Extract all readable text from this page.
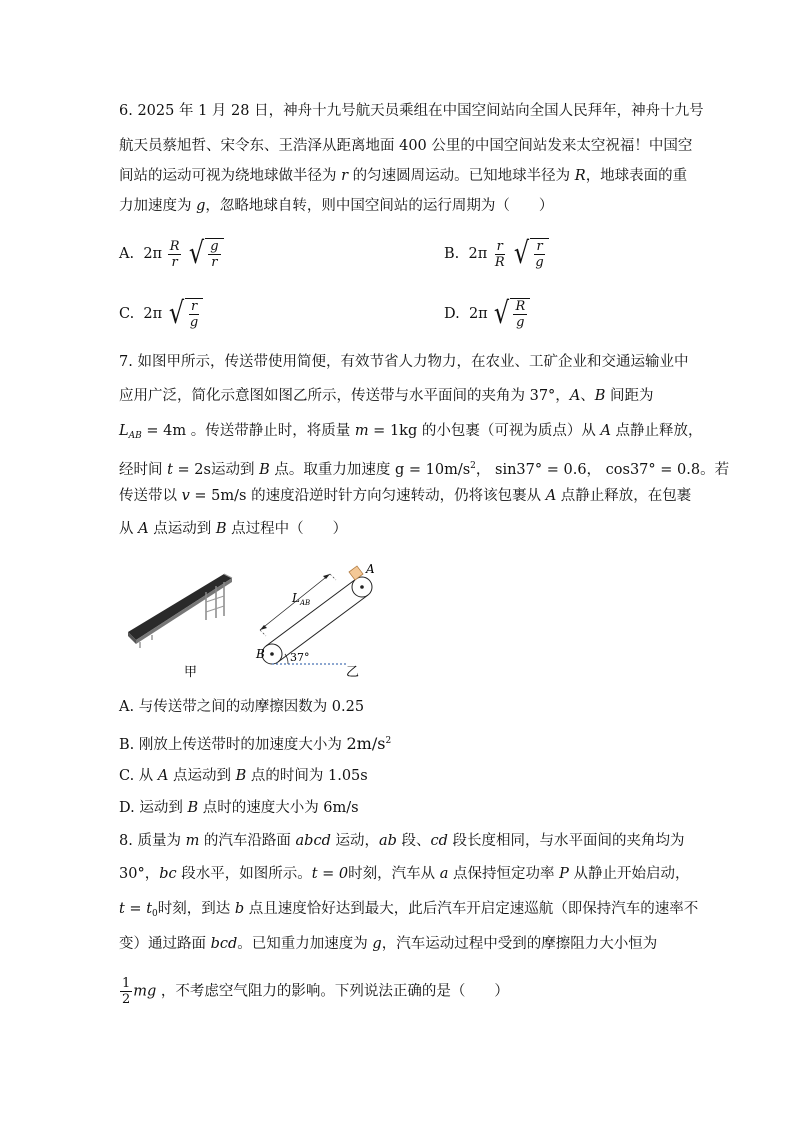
6. 2025 年 1 月 28 日，神舟十九号航天员乘组在中国空间站向全国人民拜年，神舟十九号
航天员蔡旭哲、宋令东、王浩泽从距离地面 400 公里的中国空间站发来太空祝福！中国空
间站的运动可视为绕地球做半径为 r 的匀速圆周运动。已知地球半径为 R，地球表面的重
力加速度为 g，忽略地球自转，则中国空间站的运行周期为（　　）
A. $2\pi \frac{R}{r}$
√ $\frac{g}{r}$	B. $2\pi \frac{r}{R}$
√ $\frac{r}{g}$
C. 2π √ $\frac{r}{g}$	D. 2π √ $\frac{R}{g}$
7. 如图甲所示，传送带使用简便，有效节省人力物力，在农业、工矿企业和交通运输业中
应用广泛，简化示意图如图乙所示，传送带与水平面间的夹角为 37°，A、B 间距为
$L_{AB} = 4m$ 。传送带静止时，将质量 m = 1kg 的小包裹（可视为质点）从 A 点静止释放，
经时间 t = 2s运动到 B 点。取重力加速度 $g = 10m/s^2$， sin37° = 0.6， cos37° = 0.8。若
传送带以 v = 5m/s 的速度沿逆时针方向匀速转动，仍将该包裹从 A 点静止释放，在包裹
从 A 点运动到 B 点过程中（　　）
甲
A
B
$L_{AB}$
37°
乙
A. 与传送带之间的动摩擦因数为 0.25
B. 刚放上传送带时的加速度大小为 $2m/s^2$
C. 从 A 点运动到 B 点的时间为 1.05s
D. 运动到 B 点时的速度大小为 6m/s
8. 质量为 m 的汽车沿路面 abcd 运动，ab 段、cd 段长度相同，与水平面间的夹角均为
30°，bc 段水平，如图所示。t = 0时刻，汽车从 a 点保持恒定功率 P 从静止开始启动，
$t = t_0$时刻，到达 b 点且速度恰好达到最大，此后汽车开启定速巡航（即保持汽车的速率不
变）通过路面 bcd。已知重力加速度为 g，汽车运动过程中受到的摩擦阻力大小恒为
$\frac{1}{2}$ mg ，不考虑空气阻力的影响。下列说法正确的是（　　）
